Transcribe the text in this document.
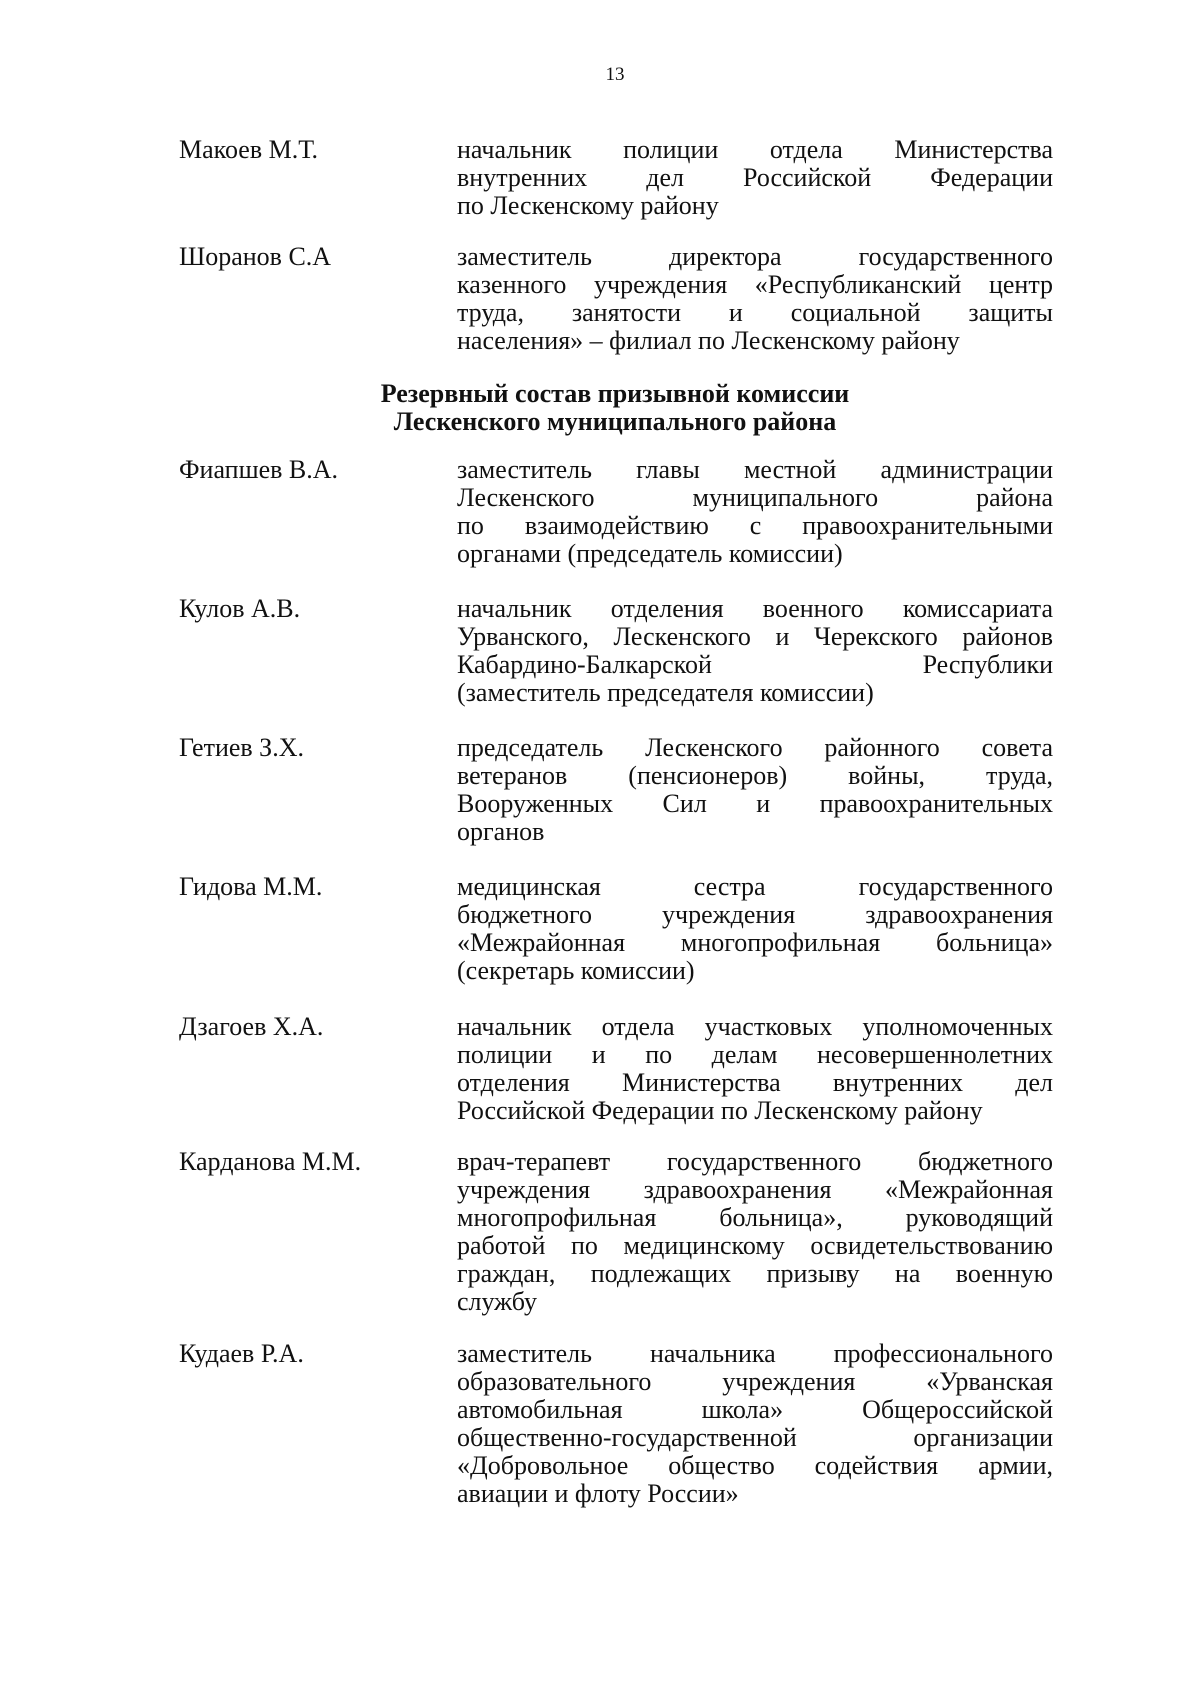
13
Макоев М.Т.	начальник полиции отдела Министерства
внутренних дел Российской Федерации
по Лескенскому району
Шоранов С.А	заместитель директора государственного
казенного учреждения «Республиканский центр
труда, занятости и социальной защиты
населения» – филиал по Лескенскому району
Резервный состав призывной комиссии
Лескенского муниципального района
Фиапшев В.А.	заместитель главы местной администрации
Лескенского муниципального района
по взаимодействию с правоохранительными
органами (председатель комиссии)
Кулов А.В.	начальник отделения военного комиссариата
Урванского, Лескенского и Черекского районов
Кабардино-Балкарской Республики
(заместитель председателя комиссии)
Гетиев З.Х.	председатель Лескенского районного совета
ветеранов (пенсионеров) войны, труда,
Вооруженных Сил и правоохранительных
органов
Гидова М.М.	медицинская сестра государственного
бюджетного учреждения здравоохранения
«Межрайонная многопрофильная больница»
(секретарь комиссии)
Дзагоев Х.А.	начальник отдела участковых уполномоченных
полиции и по делам несовершеннолетних
отделения Министерства внутренних дел
Российской Федерации по Лескенскому району
Карданова М.М.	врач-терапевт государственного бюджетного
учреждения здравоохранения «Межрайонная
многопрофильная больница», руководящий
работой по медицинскому освидетельствованию
граждан, подлежащих призыву на военную
службу
Кудаев Р.А.	заместитель начальника профессионального
образовательного учреждения «Урванская
автомобильная школа» Общероссийской
общественно-государственной организации
«Добровольное общество содействия армии,
авиации и флоту России»
